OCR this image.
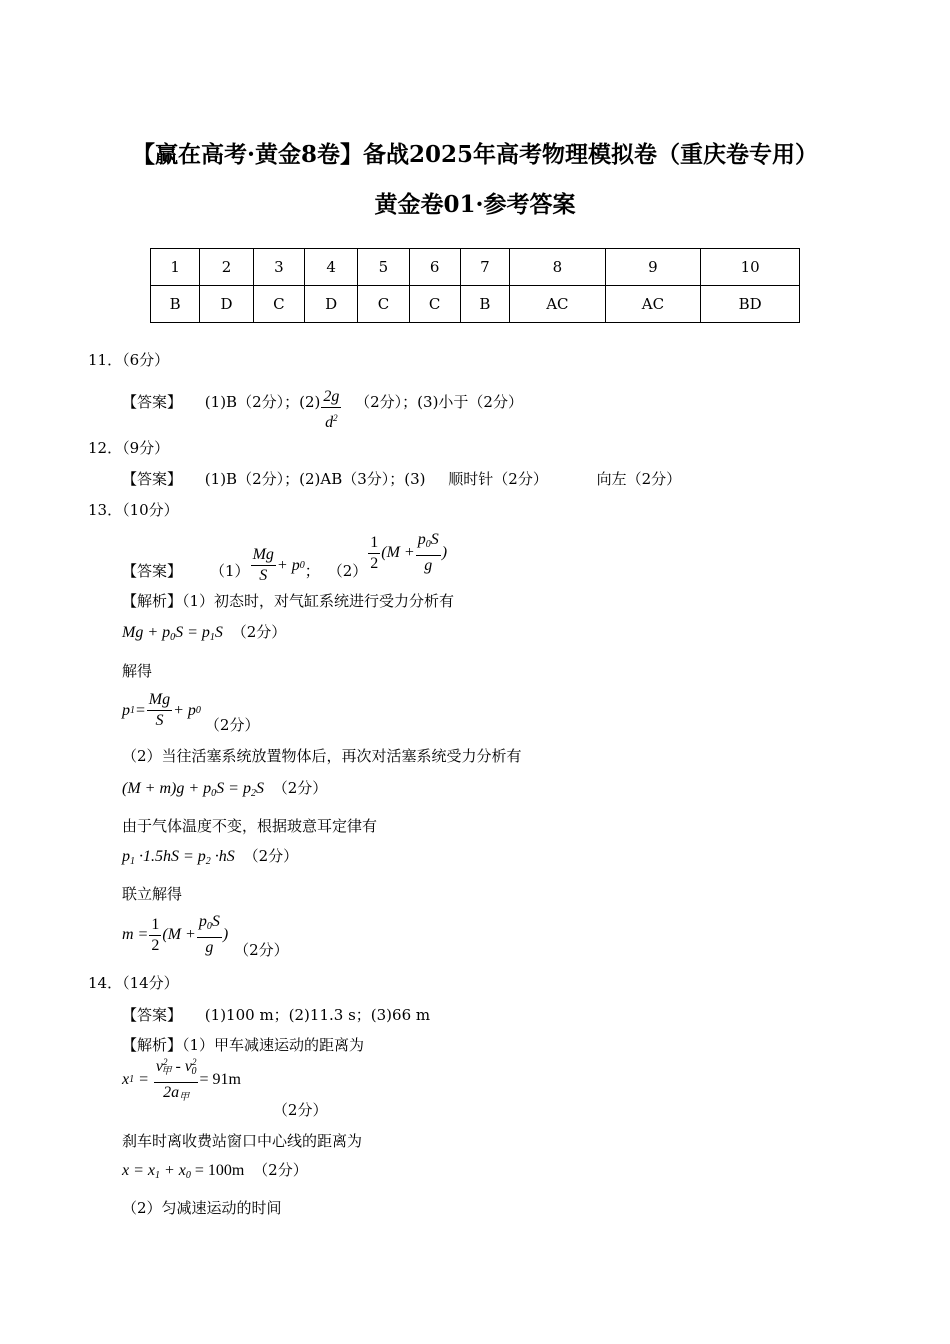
【赢在高考·黄金8卷】备战2025年高考物理模拟卷（重庆卷专用）
黄金卷01·参考答案
1	2	3	4	5	6	7	8	9	10
B	D	C	D	C	C	B	AC	AC	BD
11．（6分）
【答案】 (1)B（2分）；$(2) \frac{2g}{d^2} (2$分）；(3)小于（2分）
12．（9分）
【答案】 (1)B（2分）；(2)AB（3分）；(3) 顺时针（2分）	向左（2分）
13．（10分）
【答案】 $(1) \frac{Mg}{S} + p$ 0 ； $(2) \frac{1}{2} (M + \frac{p_0S}{g}$ )
【解析】（1）初态时，对气缸系统进行受力分析有
$Mg + p_0S = p_1S$ （2分）
解得
p $1 = \frac{Mg}{S} + p$ 0
（2分）
（2）当往活塞系统放置物体后，再次对活塞系统受力分析有
$(M + m)g + p_0S = p_2S$ （2分）
由于气体温度不变，根据玻意耳定律有
$p_1 \cdot 1.5hS = p_2 \cdot hS$ （2分）
联立解得
$m = \frac{1}{2} (M + \frac{p_0S}{g}$ )
（2分）
14．（14分）
【答案】 (1)100 m；(2)11.3 s；(3)66 m
【解析】（1）甲车减速运动的距离为
x $1 = \frac{v^2_甲 - v^2_0}{2a_甲} = 91m$
（2分）
刹车时离收费站窗口中心线的距离为
$x = x_1 + x_0 = 100m$ （2分）
（2）匀减速运动的时间
